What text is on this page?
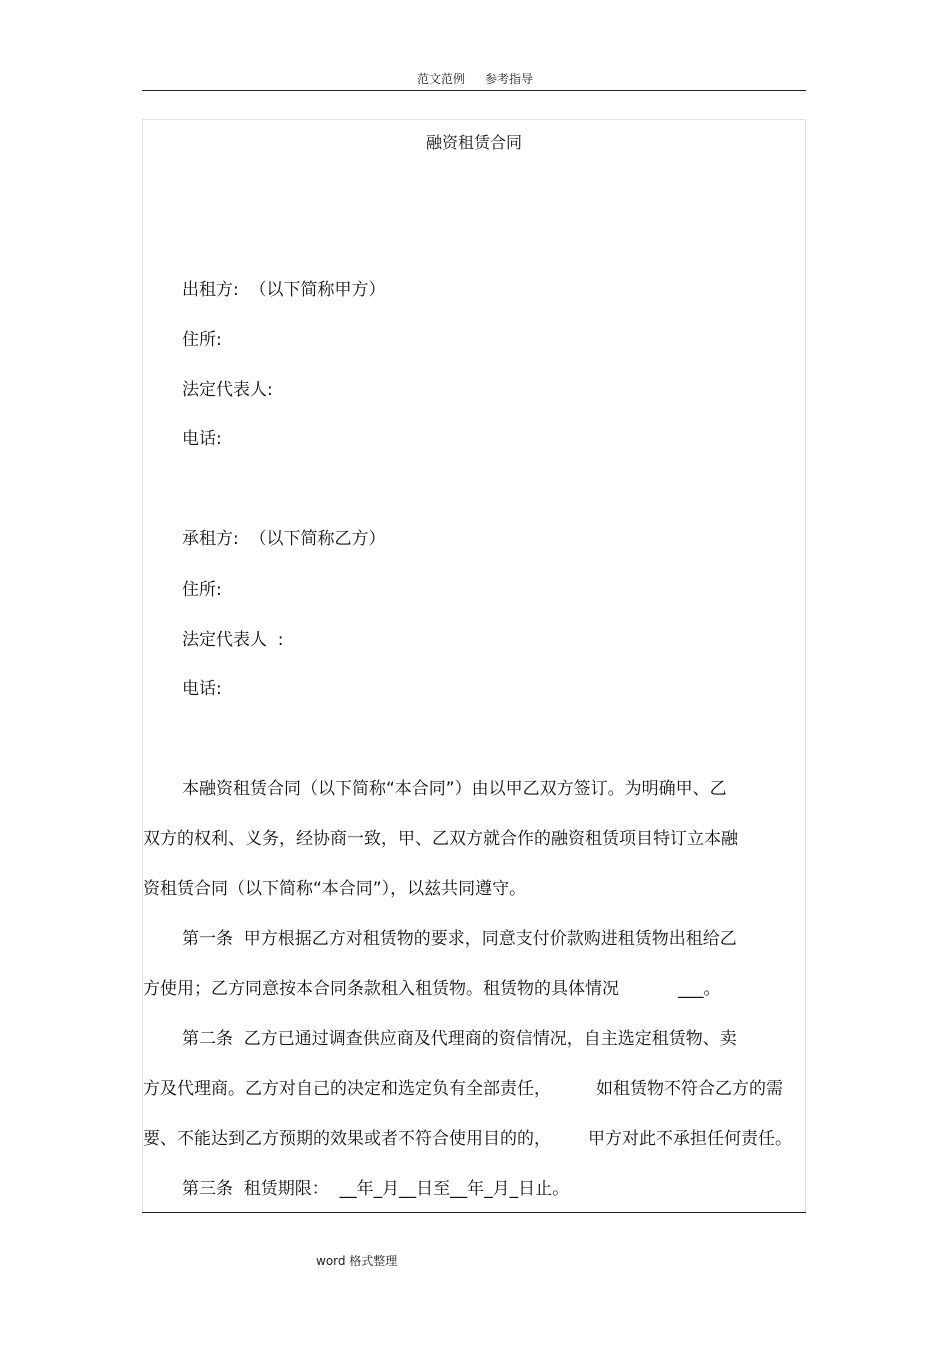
范文范例 参考指导
融资租赁合同
出租方:  （以下简称甲方）
住所:
法定代表人:
电话:
承租方:  （以下简称乙方）
住所:
法定代表人  :
电话:
本融资租赁合同（以下简称“本合同”）由以甲乙双方签订。为明确甲、乙
双方的权利、义务，经协商一致，甲、乙双方就合作的融资租赁项目特订立本融
资租赁合同（以下简称“本合同”），以兹共同遵守。
第一条  甲方根据乙方对租赁物的要求，同意支付价款购进租赁物出租给乙
方使用；乙方同意按本合同条款租入租赁物。租赁物的具体情况	___。
第二条  乙方已通过调查供应商及代理商的资信情况，自主选定租赁物、卖
方及代理商。乙方对自己的决定和选定负有全部责任，	如租赁物不符合乙方的需
要、不能达到乙方预期的效果或者不符合使用目的的， 甲方对此不承担任何责任。
第三条  租赁期限：  __年_月__日至__年_月_日止。
word 格式整理
